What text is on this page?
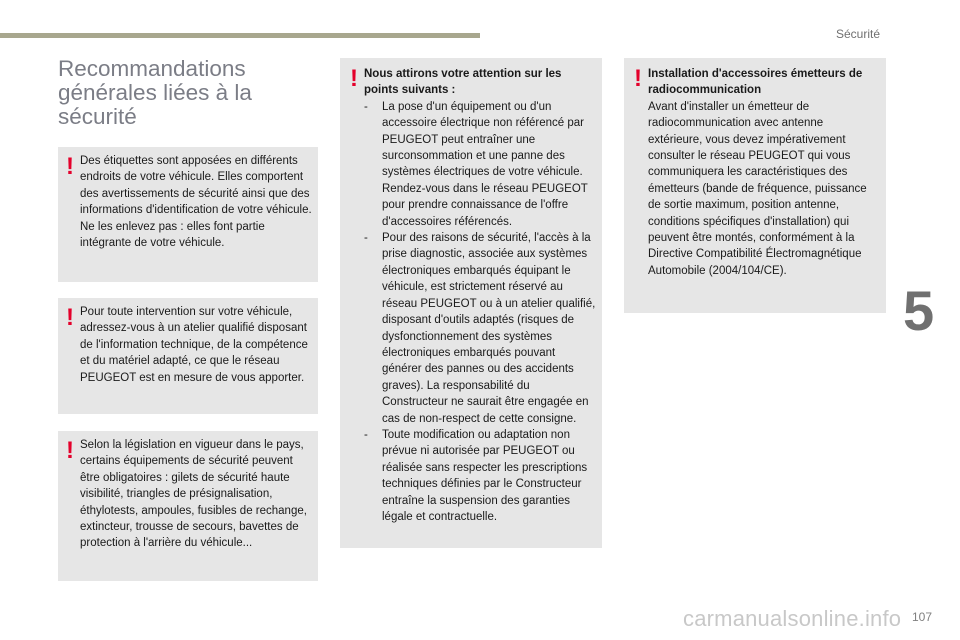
Sécurité
5
Recommandations générales liées à la sécurité
! Des étiquettes sont apposées en différents endroits de votre véhicule. Elles comportent des avertissements de sécurité ainsi que des informations d'identification de votre véhicule. Ne les enlevez pas : elles font partie intégrante de votre véhicule.

! Pour toute intervention sur votre véhicule, adressez-vous à un atelier qualifié disposant de l'information technique, de la compétence et du matériel adapté, ce que le réseau PEUGEOT est en mesure de vous apporter.

! Selon la législation en vigueur dans le pays, certains équipements de sécurité peuvent être obligatoires : gilets de sécurité haute visibilité, triangles de présignalisation, éthylotests, ampoules, fusibles de rechange, extincteur, trousse de secours, bavettes de protection à l'arrière du véhicule...

! Nous attirons votre attention sur les points suivants :

- La pose d'un équipement ou d'un accessoire électrique non référencé par PEUGEOT peut entraîner une surconsommation et une panne des systèmes électriques de votre véhicule. Rendez-vous dans le réseau PEUGEOT pour prendre connaissance de l'offre d'accessoires référencés.
- Pour des raisons de sécurité, l'accès à la prise diagnostic, associée aux systèmes électroniques embarqués équipant le véhicule, est strictement réservé au réseau PEUGEOT ou à un atelier qualifié, disposant d'outils adaptés (risques de dysfonctionnement des systèmes électroniques embarqués pouvant générer des pannes ou des accidents graves). La responsabilité du Constructeur ne saurait être engagée en cas de non-respect de cette consigne.
- Toute modification ou adaptation non prévue ni autorisée par PEUGEOT ou réalisée sans respecter les prescriptions techniques définies par le Constructeur entraîne la suspension des garanties légale et contractuelle.
! Installation d'accessoires émetteurs de radiocommunication

Avant d'installer un émetteur de radiocommunication avec antenne extérieure, vous devez impérativement consulter le réseau PEUGEOT qui vous communiquera les caractéristiques des émetteurs (bande de fréquence, puissance de sortie maximum, position antenne, conditions spécifiques d'installation) qui peuvent être montés, conformément à la Directive Compatibilité Électromagnétique Automobile (2004/104/CE).

carmanualsonline.info 107
